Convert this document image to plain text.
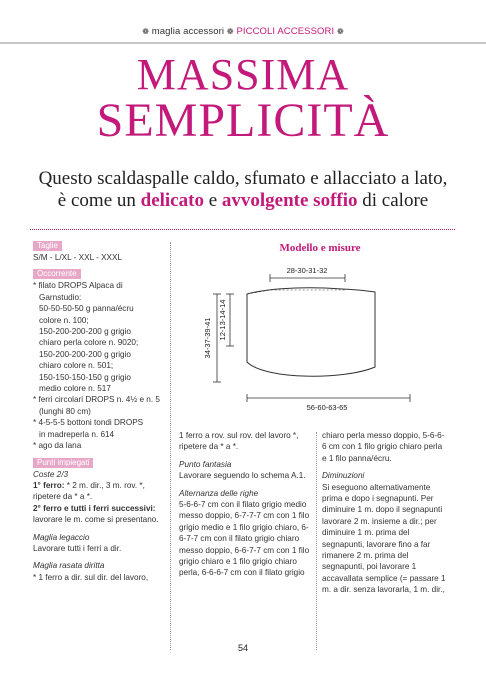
❁ maglia accessori ❁ PICCOLI ACCESSORI ❁
MASSIMA
SEMPLICITÀ
Questo scaldaspalle caldo, sfumato e allacciato a lato,
è come un delicato e avvolgente soffio di calore
Taglie

S/M - L/XL - XXL - XXXL

Occorrente

* filato DROPS Alpaca di

Garnstudio:

50-50-50-50 g panna/écru

colore n. 100;

150-200-200-200 g grigio

chiaro perla colore n. 9020;

150-200-200-200 g grigio

chiaro colore n. 501;

150-150-150-150 g grigio

medio colore n. 517

* ferri circolari DROPS n. 4½ e n. 5

(lunghi 80 cm)

* 4-5-5-5 bottoni tondi DROPS

in madreperla n. 614

* ago da lana

Punti impiegati

Coste 2/3

1° ferro: * 2 m. dir., 3 m. rov. *, ripetere da * a *.

2° ferro e tutti i ferri successivi: lavorare le m. come si presentano.

Maglia legaccio

Lavorare tutti i ferri a dir.

Maglia rasata diritta

* 1 ferro a dir. sul dir. del lavoro,

Modello e misure
28-30-31-32
34-37-39-41 12-13-14-14
56-60-63-65

1 ferro a rov. sul rov. del lavoro *, ripetere da * a *.

Punto fantasia

Lavorare seguendo lo schema A.1.

Alternanza delle righe

5-6-6-7 cm con il filato grigio medio messo doppio, 6-7-7-7 cm con 1 filo grigio medio e 1 filo grigio chiaro, 6-6-7-7 cm con il filato grigio chiaro messo doppio, 6-6-7-7 cm con 1 filo grigio chiaro e 1 filo grigio chiaro perla, 6-6-6-7 cm con il filato grigio

chiaro perla messo doppio, 5-6-6-6 cm con 1 filo grigio chiaro perla e 1 filo panna/écru.

Diminuzioni

Si eseguono alternativamente prima e dopo i segnapunti. Per diminuire 1 m. dopo il segnapunti lavorare 2 m. insieme a dir.; per diminuire 1 m. prima del segnapunti, lavorare fino a far rimanere 2 m. prima del segnapunti, poi lavorare 1 accavallata semplice (= passare 1 m. a dir. senza lavorarla, 1 m. dir.,

54
